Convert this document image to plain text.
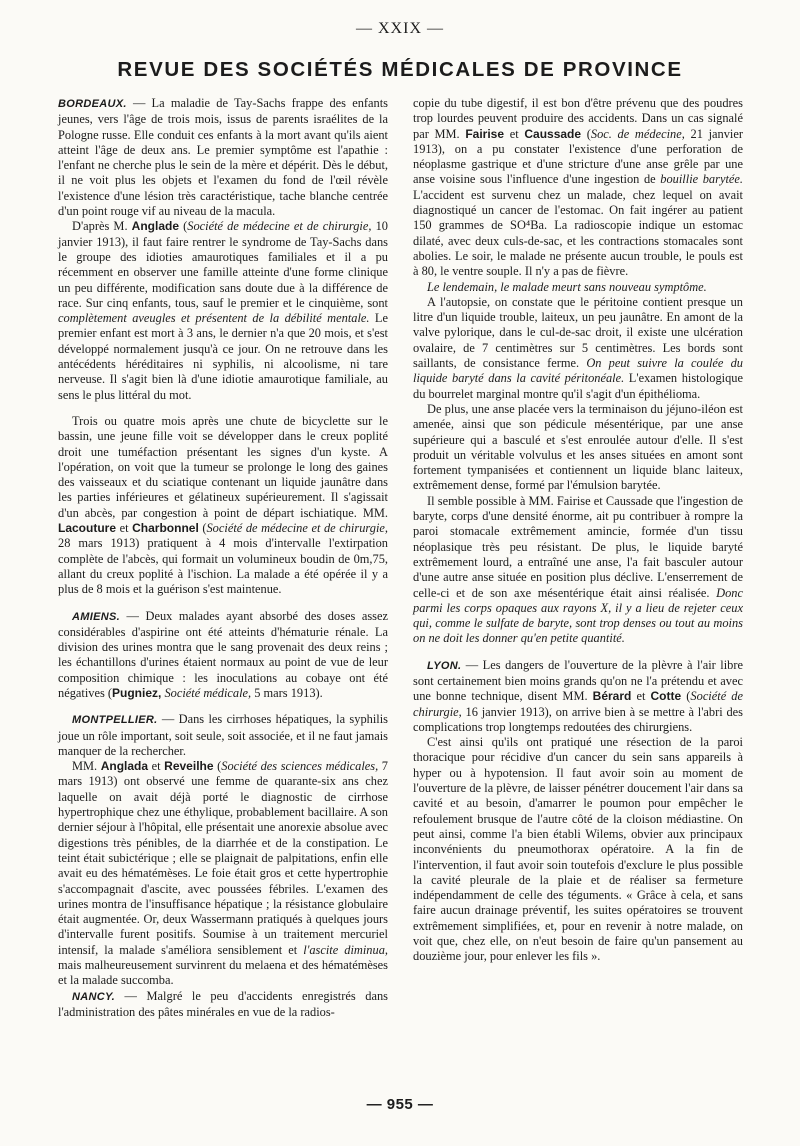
— XXIX —
REVUE DES SOCIÉTÉS MÉDICALES DE PROVINCE

BORDEAUX. — La maladie de Tay-Sachs frappe des enfants jeunes, vers l'âge de trois mois, issus de parents israélites de la Pologne russe. Elle conduit ces enfants à la mort avant qu'ils aient atteint l'âge de deux ans. Le premier symptôme est l'apathie : l'enfant ne cherche plus le sein de la mère et dépérit. Dès le début, il ne voit plus les objets et l'examen du fond de l'œil révèle l'existence d'une lésion très caractéristique, tache blanche centrée d'un point rouge vif au niveau de la macula.

D'après M. Anglade (Société de médecine et de chirurgie, 10 janvier 1913), il faut faire rentrer le syndrome de Tay-Sachs dans le groupe des idioties amaurotiques familiales et il a pu récemment en observer une famille atteinte d'une forme clinique un peu différente, modification sans doute due à la différence de race. Sur cinq enfants, tous, sauf le premier et le cinquième, sont complètement aveugles et présentent de la débilité mentale. Le premier enfant est mort à 3 ans, le dernier n'a que 20 mois, et s'est développé normalement jusqu'à ce jour. On ne retrouve dans les antécédents héréditaires ni syphilis, ni alcoolisme, ni tare nerveuse. Il s'agit bien là d'une idiotie amaurotique familiale, au sens le plus littéral du mot.

Trois ou quatre mois après une chute de bicyclette sur le bassin, une jeune fille voit se développer dans le creux poplité droit une tuméfaction présentant les signes d'un kyste. A l'opération, on voit que la tumeur se prolonge le long des gaines des vaisseaux et du sciatique contenant un liquide jaunâtre dans les parties inférieures et gélatineux supérieurement. Il s'agissait d'un abcès, par congestion à point de départ ischiatique. MM. Lacouture et Charbonnel (Société de médecine et de chirurgie, 28 mars 1913) pratiquent à 4 mois d'intervalle l'extirpation complète de l'abcès, qui formait un volumineux boudin de 0m,75, allant du creux poplité à l'ischion. La malade a été opérée il y a plus de 8 mois et la guérison s'est maintenue.

AMIENS. — Deux malades ayant absorbé des doses assez considérables d'aspirine ont été atteints d'hématurie rénale. La division des urines montra que le sang provenait des deux reins ; les échantillons d'urines étaient normaux au point de vue de leur composition chimique : les inoculations au cobaye ont été négatives (Pugniez, Société médicale, 5 mars 1913).

MONTPELLIER. — Dans les cirrhoses hépatiques, la syphilis joue un rôle important, soit seule, soit associée, et il ne faut jamais manquer de la rechercher.

MM. Anglada et Reveilhe (Société des sciences médicales, 7 mars 1913) ont observé une femme de quarante-six ans chez laquelle on avait déjà porté le diagnostic de cirrhose hypertrophique chez une éthylique, probablement bacillaire. A son dernier séjour à l'hôpital, elle présentait une anorexie absolue avec digestions très pénibles, de la diarrhée et de la constipation. Le teint était subictérique ; elle se plaignait de palpitations, enfin elle avait eu des hématémèses. Le foie était gros et cette hypertrophie s'accompagnait d'ascite, avec poussées fébriles. L'examen des urines montra de l'insuffisance hépatique ; la résistance globulaire était augmentée. Or, deux Wassermann pratiqués à quelques jours d'intervalle furent positifs. Soumise à un traitement mercuriel intensif, la malade s'améliora sensiblement et l'ascite diminua, mais malheureusement survinrent du melaena et des hématémèses et la malade succomba.

NANCY. — Malgré le peu d'accidents enregistrés dans l'administration des pâtes minérales en vue de la radios-

copie du tube digestif, il est bon d'être prévenu que des poudres trop lourdes peuvent produire des accidents. Dans un cas signalé par MM. Fairise et Caussade (Soc. de médecine, 21 janvier 1913), on a pu constater l'existence d'une perforation de néoplasme gastrique et d'une stricture d'une anse grêle par une anse voisine sous l'influence d'une ingestion de bouillie barytée. L'accident est survenu chez un malade, chez lequel on avait diagnostiqué un cancer de l'estomac. On fait ingérer au patient 150 grammes de SO⁴Ba. La radioscopie indique un estomac dilaté, avec deux culs-de-sac, et les contractions stomacales sont abolies. Le soir, le malade ne présente aucun trouble, le pouls est à 80, le ventre souple. Il n'y a pas de fièvre.

Le lendemain, le malade meurt sans nouveau symptôme.

A l'autopsie, on constate que le péritoine contient presque un litre d'un liquide trouble, laiteux, un peu jaunâtre. En amont de la valve pylorique, dans le cul-de-sac droit, il existe une ulcération ovalaire, de 7 centimètres sur 5 centimètres. Les bords sont saillants, de consistance ferme. On peut suivre la coulée du liquide baryté dans la cavité péritonéale. L'examen histologique du bourrelet marginal montre qu'il s'agit d'un épithélioma.

De plus, une anse placée vers la terminaison du jéjuno-iléon est amenée, ainsi que son pédicule mésentérique, par une anse supérieure qui a basculé et s'est enroulée autour d'elle. Il s'est produit un véritable volvulus et les anses situées en amont sont fortement tympanisées et contiennent un liquide blanc laiteux, extrêmement dense, formé par l'émulsion barytée.

Il semble possible à MM. Fairise et Caussade que l'ingestion de baryte, corps d'une densité énorme, ait pu contribuer à rompre la paroi stomacale extrêmement amincie, formée d'un tissu néoplasique très peu résistant. De plus, le liquide baryté extrêmement lourd, a entraîné une anse, l'a fait basculer autour d'une autre anse située en position plus déclive. L'enserrement de celle-ci et de son axe mésentérique était ainsi réalisée. Donc parmi les corps opaques aux rayons X, il y a lieu de rejeter ceux qui, comme le sulfate de baryte, sont trop denses ou tout au moins on ne doit les donner qu'en petite quantité.

LYON. — Les dangers de l'ouverture de la plèvre à l'air libre sont certainement bien moins grands qu'on ne l'a prétendu et avec une bonne technique, disent MM. Bérard et Cotte (Société de chirurgie, 16 janvier 1913), on arrive bien à se mettre à l'abri des complications trop longtemps redoutées des chirurgiens.

C'est ainsi qu'ils ont pratiqué une résection de la paroi thoracique pour récidive d'un cancer du sein sans appareils à hyper ou à hypotension. Il faut avoir soin au moment de l'ouverture de la plèvre, de laisser pénétrer doucement l'air dans sa cavité et au besoin, d'amarrer le poumon pour empêcher le refoulement brusque de l'autre côté de la cloison médiastine. On peut ainsi, comme l'a bien établi Wilems, obvier aux principaux inconvénients du pneumothorax opératoire. A la fin de l'intervention, il faut avoir soin toutefois d'exclure le plus possible la cavité pleurale de la plaie et de réaliser sa fermeture indépendamment de celle des téguments. « Grâce à cela, et sans faire aucun drainage préventif, les suites opératoires se trouvent extrêmement simplifiées, et, pour en revenir à notre malade, on voit que, chez elle, on n'eut besoin de faire qu'un pansement au douzième jour, pour enlever les fils ».

— 955 —
